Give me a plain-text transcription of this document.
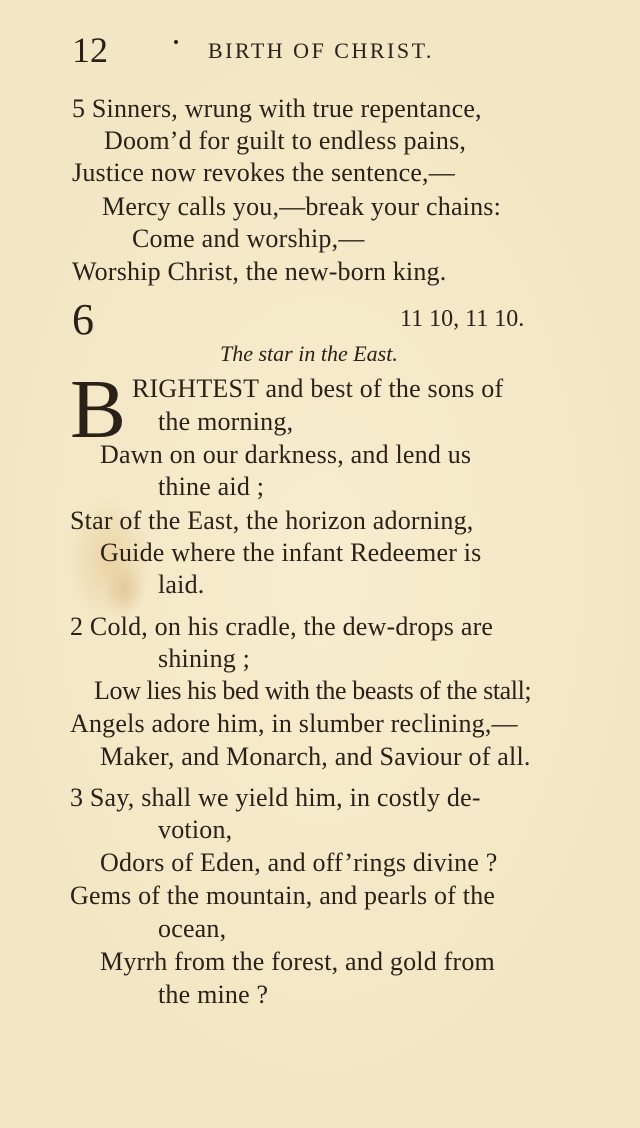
12	BIRTH OF CHRIST.
5 Sinners, wrung with true repentance,
Doom’d for guilt to endless pains,
Justice now revokes the sentence,—
Mercy calls you,—break your chains:
Come and worship,—
Worship Christ, the new-born king.
6	11 10, 11 10.
The star in the East.
B RIGHTEST and best of the sons of
the morning,
Dawn on our darkness, and lend us
thine aid ;
Star of the East, the horizon adorning,
Guide where the infant Redeemer is
laid.
2 Cold, on his cradle, the dew-drops are
shining ;
Low lies his bed with the beasts of the stall;
Angels adore him, in slumber reclining,—
Maker, and Monarch, and Saviour of all.
3 Say, shall we yield him, in costly de-
votion,
Odors of Eden, and off’rings divine ?
Gems of the mountain, and pearls of the
ocean,
Myrrh from the forest, and gold from
the mine ?
